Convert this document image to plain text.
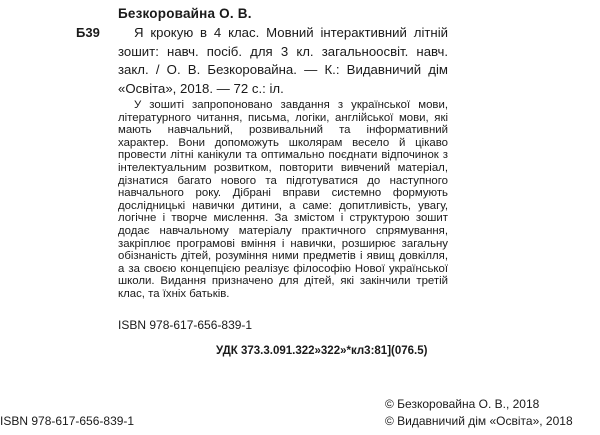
Безкоровайна О. В.
Б39	Я крокую в 4 клас. Мовний інтерактивний літній зошит: навч. посіб. для 3 кл. загальноосвіт. навч. закл. / О. В. Безкоровайна. — К.: Видавничий дім «Освіта», 2018. — 72 с.: іл.
У зошиті запропоновано завдання з української мови, літературного читання, письма, логіки, англійської мови, які мають навчальний, розвивальний та інформативний характер. Вони допоможуть школярам весело й цікаво провести літні канікули та оптимально поєднати відпочинок з інтелектуальним розвитком, повторити вивчений матеріал, дізнатися багато нового та підготуватися до наступного навчального року. Дібрані вправи системно формують дослідницькі навички дитини, а саме: допитливість, увагу, логічне і творче мислення. За змістом і структурою зошит додає навчальному матеріалу практичного спрямування, закріплює програмові вміння і навички, розширює загальну обізнаність дітей, розуміння ними предметів і явищ довкілля, а за своєю концепцією реалізує філософію Нової української школи. Видання призначено для дітей, які закінчили третій клас, та їхніх батьків.
ISBN 978-617-656-839-1
УДК 373.3.091.322»322»*кл3:81](076.5)
ISBN 978-617-656-839-1
© Безкоровайна О. В., 2018
© Видавничий дім «Освіта», 2018
